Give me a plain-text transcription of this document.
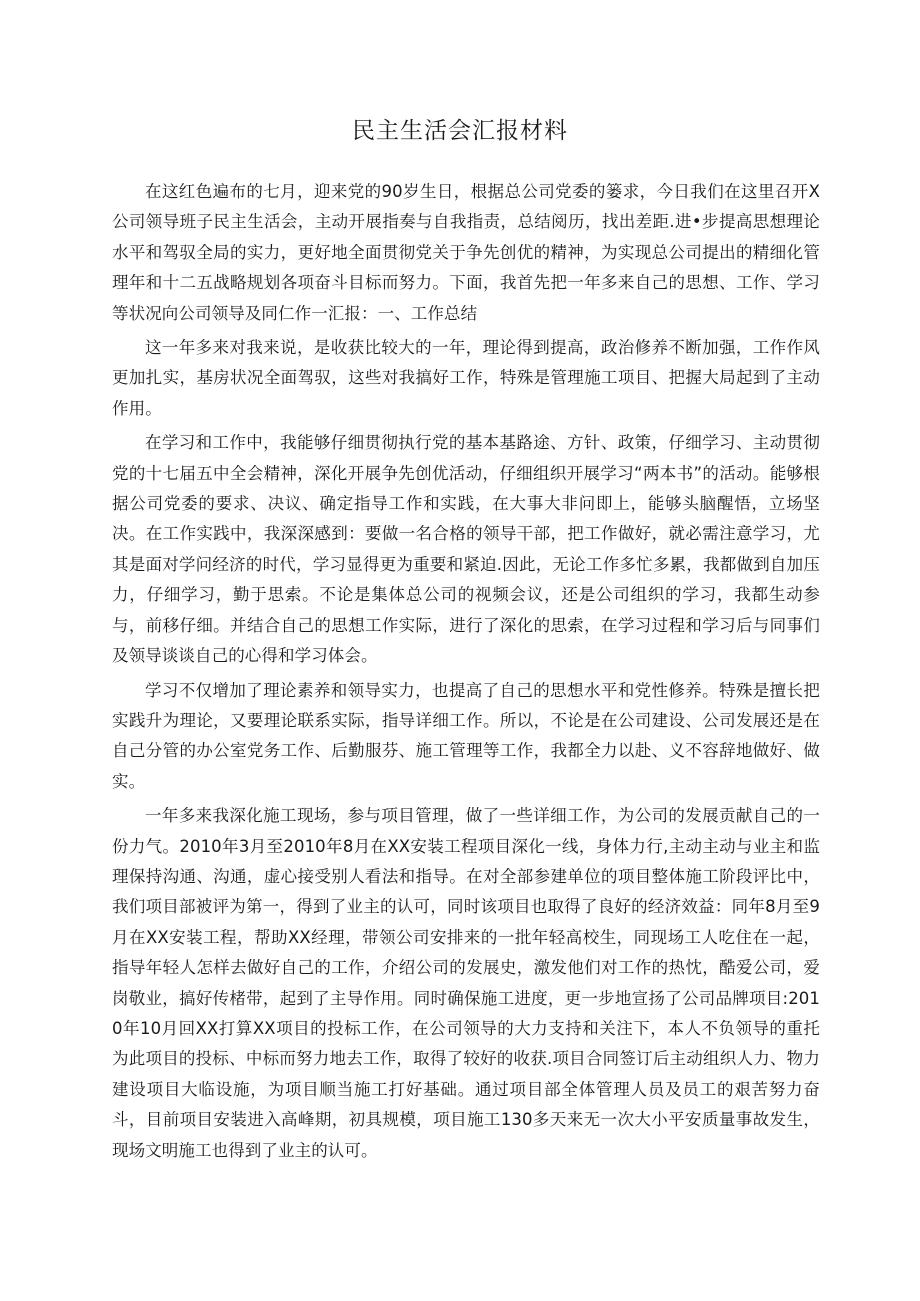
民主生活会汇报材料

在这红色遍布的七月，迎来党的90岁生日，根据总公司党委的篓求，今日我们在这里召开X公司领导班子民主生活会，主动开展指奏与自我指责，总结阅历，找出差距.进•步提高思想理论水平和驾驭全局的实力，更好地全面贯彻党关于争先创优的精神，为实现总公司提出的精细化管理年和十二五战略规划各项奋斗目标而努力。下面，我首先把一年多来自己的思想、工作、学习等状况向公司领导及同仁作一汇报：一、工作总结

这一年多来对我来说，是收获比较大的一年，理论得到提高，政治修养不断加强，工作作风更加扎实，基房状况全面驾驭，这些对我搞好工作，特殊是管理施工项目、把握大局起到了主动作用。

在学习和工作中，我能够仔细贯彻执行党的基本基路途、方针、政策，仔细学习、主动贯彻党的十七届五中全会精神，深化开展争先创优活动，仔细组织开展学习“两本书”的活动。能够根据公司党委的要求、决议、确定指导工作和实践，在大事大非问即上，能够头脑醒悟，立场坚决。在工作实践中，我深深感到：要做一名合格的领导干部，把工作做好，就必需注意学习，尤其是面对学问经济的时代，学习显得更为重要和紧迫.因此，无论工作多忙多累，我都做到自加压力，仔细学习，勤于思索。不论是集体总公司的视频会议，还是公司组织的学习，我都生动参与，前移仔细。并结合自己的思想工作实际，进行了深化的思索，在学习过程和学习后与同事们及领导谈谈自己的心得和学习体会。

学习不仅增加了理论素养和领导实力，也提高了自己的思想水平和党性修养。特殊是擅长把实践升为理论，又要理论联系实际，指导详细工作。所以，不论是在公司建设、公司发展还是在自己分管的办公室党务工作、后勤服芬、施工管理等工作，我都全力以赴、义不容辞地做好、做实。

一年多来我深化施工现场，参与项目管理，做了一些详细工作，为公司的发展贡献自己的一份力气。2010年3月至2010年8月在XX安装工程项目深化一线，身体力行,主动主动与业主和监理保持沟通、沟通，虚心接受别人看法和指导。在对全部参建单位的项目整体施工阶段评比中，我们项目部被评为第一，得到了业主的认可，同时该项目也取得了良好的经济效益：同年8月至9月在XX安装工程，帮助XX经理，带领公司安排来的一批年轻高校生，同现场工人吃住在一起，指导年轻人怎样去做好自己的工作，介绍公司的发展史，激发他们对工作的热忱，酷爱公司，爱岗敬业，搞好传楮带，起到了主导作用。同时确保施工进度，更一步地宣扬了公司品牌项目:2010年10月回XX打算XX项目的投标工作，在公司领导的大力支持和关注下，本人不负领导的重托为此项目的投标、中标而努力地去工作，取得了较好的收获.项目合同签订后主动组织人力、物力建设项目大临设施，为项目顺当施工打好基础。通过项目部全体管理人员及员工的艰苦努力奋斗，目前项目安装进入高峰期，初具规模，项目施工130多天来无一次大小平安质量事故发生，现场文明施工也得到了业主的认可。
